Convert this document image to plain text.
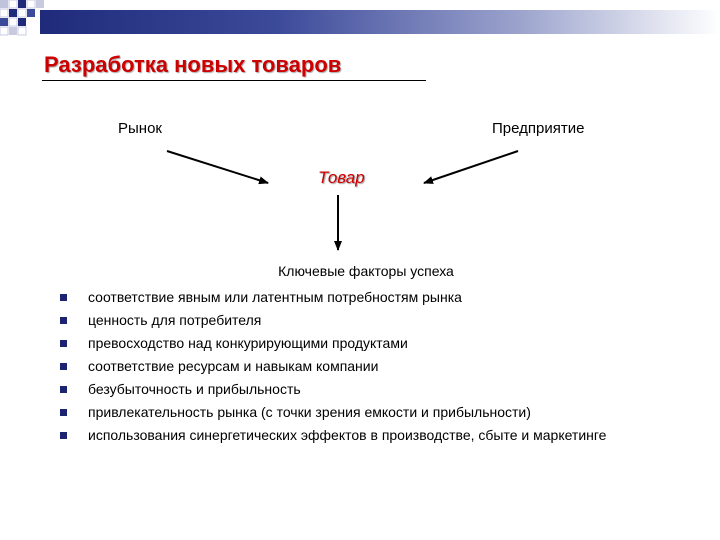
Разработка новых товаров
Рынок	Предприятие
Товар
Ключевые факторы успеха
соответствие явным или латентным потребностям рынка
ценность для потребителя
превосходство над конкурирующими продуктами
соответствие ресурсам и навыкам компании
безубыточность и прибыльность
привлекательность рынка (с точки зрения емкости и прибыльности)
использования синергетических эффектов в производстве, сбыте и маркетинге
